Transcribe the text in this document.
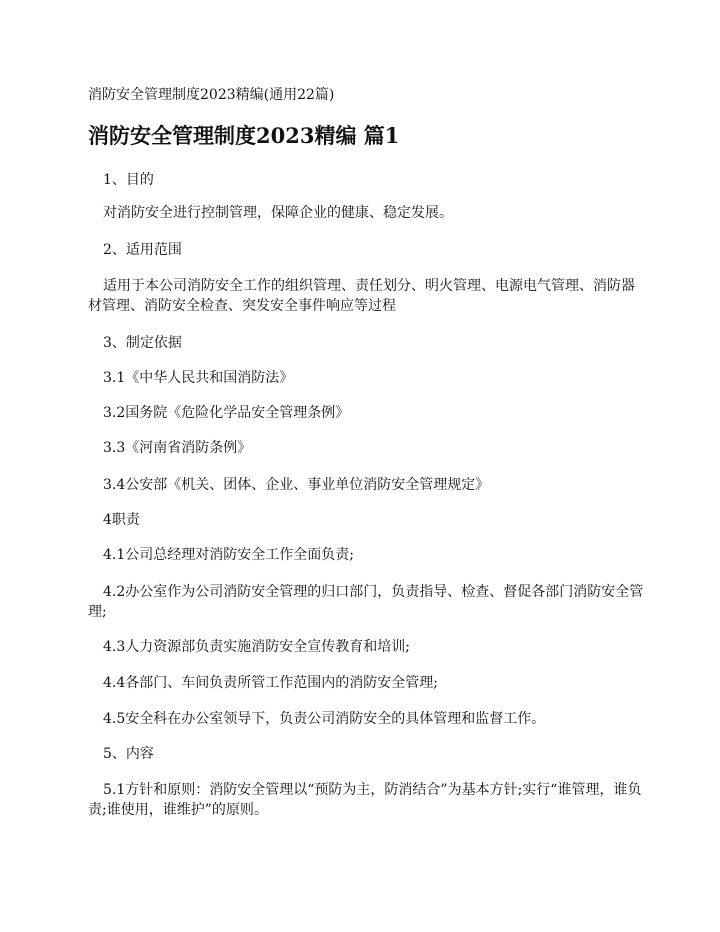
消防安全管理制度2023精编(通用22篇)
消防安全管理制度2023精编 篇1
1、目的
对消防安全进行控制管理，保障企业的健康、稳定发展。
2、适用范围
适用于本公司消防安全工作的组织管理、责任划分、明火管理、电源电气管理、消防器材管理、消防安全检查、突发安全事件响应等过程
3、制定依据
3.1《中华人民共和国消防法》
3.2国务院《危险化学品安全管理条例》
3.3《河南省消防条例》
3.4公安部《机关、团体、企业、事业单位消防安全管理规定》
4职责
4.1公司总经理对消防安全工作全面负责;
4.2办公室作为公司消防安全管理的归口部门，负责指导、检查、督促各部门消防安全管理;
4.3人力资源部负责实施消防安全宣传教育和培训;
4.4各部门、车间负责所管工作范围内的消防安全管理;
4.5安全科在办公室领导下，负责公司消防安全的具体管理和监督工作。
5、内容
5.1方针和原则：消防安全管理以“预防为主，防消结合”为基本方针;实行“谁管理，谁负责;谁使用，谁维护”的原则。
